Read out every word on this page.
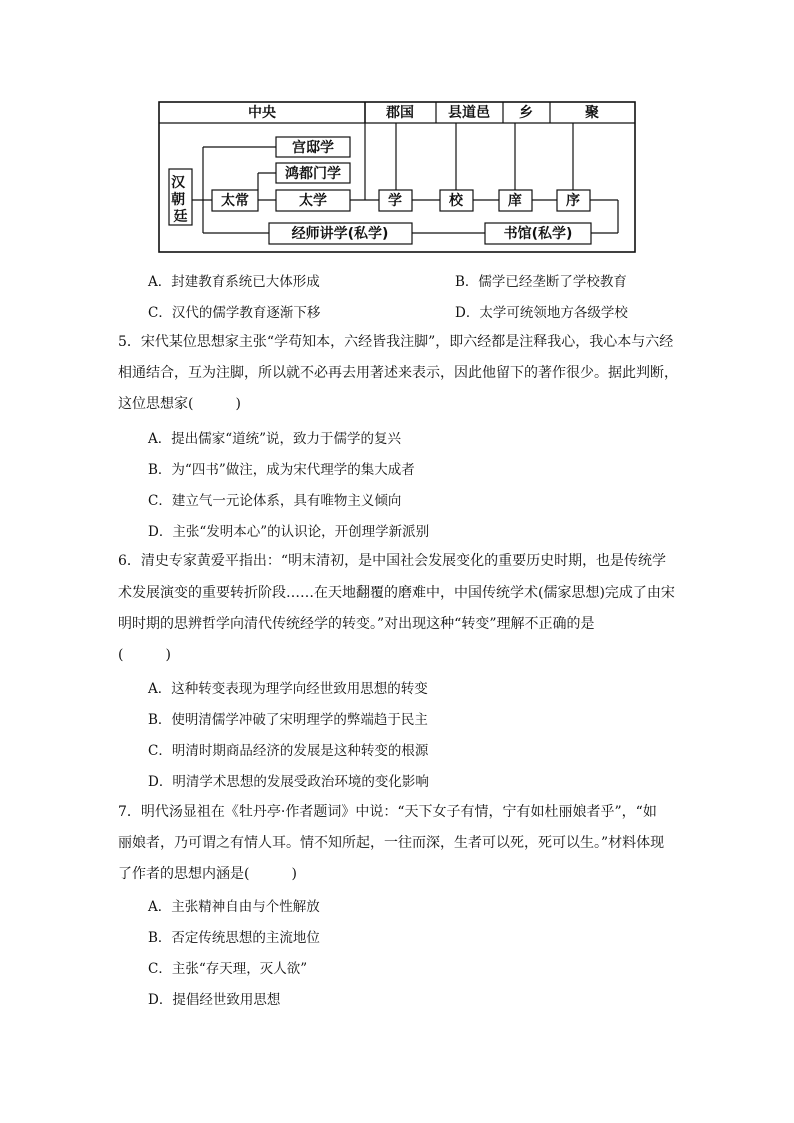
中央	郡国 县道邑 乡	聚
汉 朝 廷
太常
宫邸学
鸿都门学
太学
经师讲学(私学)
学	校	庠	序
书馆(私学)
A．封建教育系统已大体形成	B．儒学已经垄断了学校教育
C．汉代的儒学教育逐渐下移	D．太学可统领地方各级学校
5．宋代某位思想家主张“学苟知本，六经皆我注脚”，即六经都是注释我心，我心本与六经
相通结合，互为注脚，所以就不必再去用著述来表示，因此他留下的著作很少。据此判断，
这位思想家(　　　)
A．提出儒家“道统”说，致力于儒学的复兴
B．为“四书”做注，成为宋代理学的集大成者
C．建立气一元论体系，具有唯物主义倾向
D．主张“发明本心”的认识论，开创理学新派别
6．清史专家黄爱平指出：“明末清初，是中国社会发展变化的重要历史时期，也是传统学
术发展演变的重要转折阶段……在天地翻覆的磨难中，中国传统学术(儒家思想)完成了由宋
明时期的思辨哲学向清代传统经学的转变。”对出现这种“转变”理解不正确的是
(　　　)
A．这种转变表现为理学向经世致用思想的转变
B．使明清儒学冲破了宋明理学的弊端趋于民主
C．明清时期商品经济的发展是这种转变的根源
D．明清学术思想的发展受政治环境的变化影响
7．明代汤显祖在《牡丹亭·作者题词》中说：“天下女子有情，宁有如杜丽娘者乎”，“如
丽娘者，乃可谓之有情人耳。情不知所起，一往而深，生者可以死，死可以生。”材料体现
了作者的思想内涵是(　　　)
A．主张精神自由与个性解放
B．否定传统思想的主流地位
C．主张“存天理，灭人欲”
D．提倡经世致用思想
